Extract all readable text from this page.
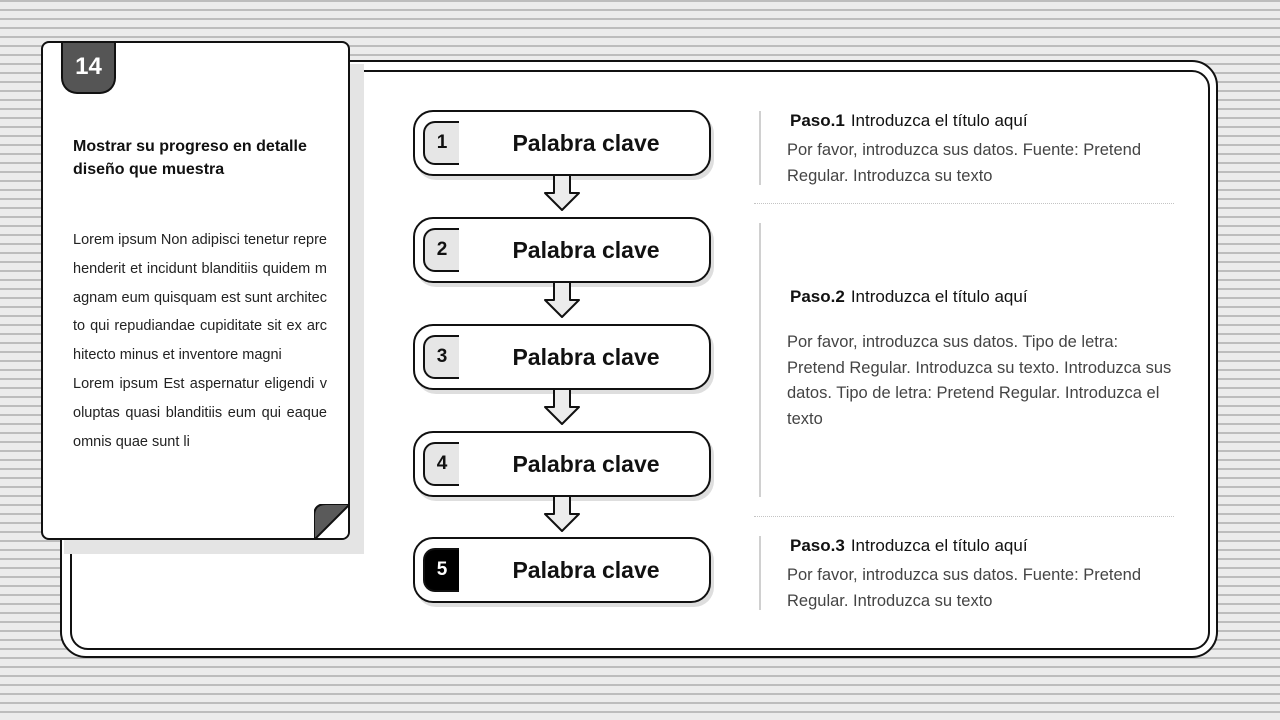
14
Mostrar su progreso en detalle diseño que muestra

Lorem ipsum Non adipisci tenetur reprehenderit et incidunt blanditiis quidem magnam eum quisquam est sunt architecto qui repudiandae cupiditate sit ex architecto minus et inventore magni

Lorem ipsum Est aspernatur eligendi voluptas quasi blanditiis eum qui eaque omnis quae sunt li

1	Palabra clave
2	Palabra clave
3	Palabra clave
4	Palabra clave
5	Palabra clave
Paso.1 Introduzca el título aquí
Por favor, introduzca sus datos. Fuente: Pretend Regular. Introduzca su texto
Paso.2 Introduzca el título aquí
Por favor, introduzca sus datos. Tipo de letra: Pretend Regular. Introduzca su texto. Introduzca sus datos. Tipo de letra: Pretend Regular. Introduzca el texto
Paso.3 Introduzca el título aquí
Por favor, introduzca sus datos. Fuente: Pretend Regular. Introduzca su texto
